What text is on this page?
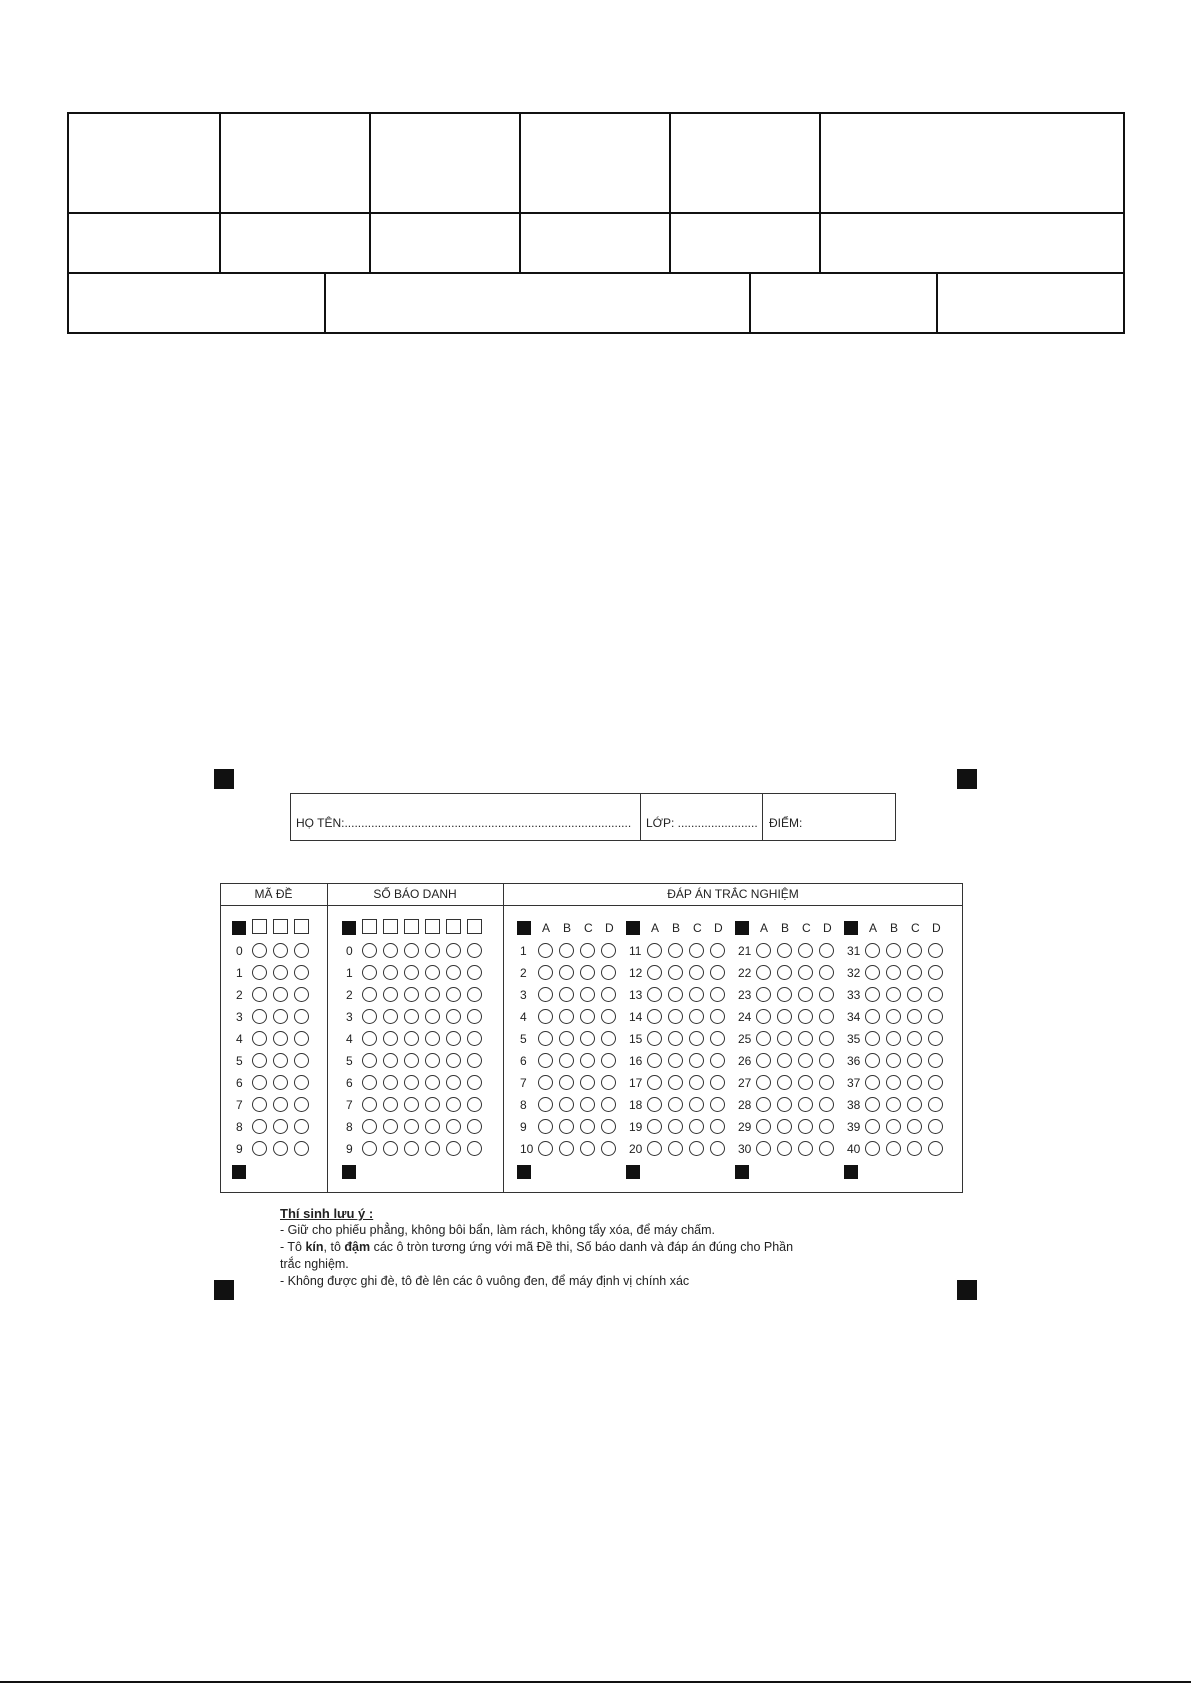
HỌ TÊN:...................................................................................... LỚP: ........................ ĐIỂM:
MÃ ĐỀ	SỐ BÁO DANH	ĐÁP ÁN TRẮC NGHIỆM
Thí sinh lưu ý :
- Giữ cho phiếu phẳng, không bôi bẩn, làm rách, không tẩy xóa, để máy chấm.
- Tô kín, tô đậm các ô tròn tương ứng với mã Đề thi, Số báo danh và đáp án đúng cho Phần
trắc nghiệm.
- Không được ghi đè, tô đè lên các ô vuông đen, để máy định vị chính xác
0
1
2
3
4
5
6
7
8
9
0
1
2
3
4
5
6
7
8
9
A B C D
1
2
3
4
5
6
7
8
9
10
A B C D
11
12
13
14
15
16
17
18
19
20
A B C D
21
22
23
24
25
26
27
28
29
30
A B C D
31
32
33
34
35
36
37
38
39
40
